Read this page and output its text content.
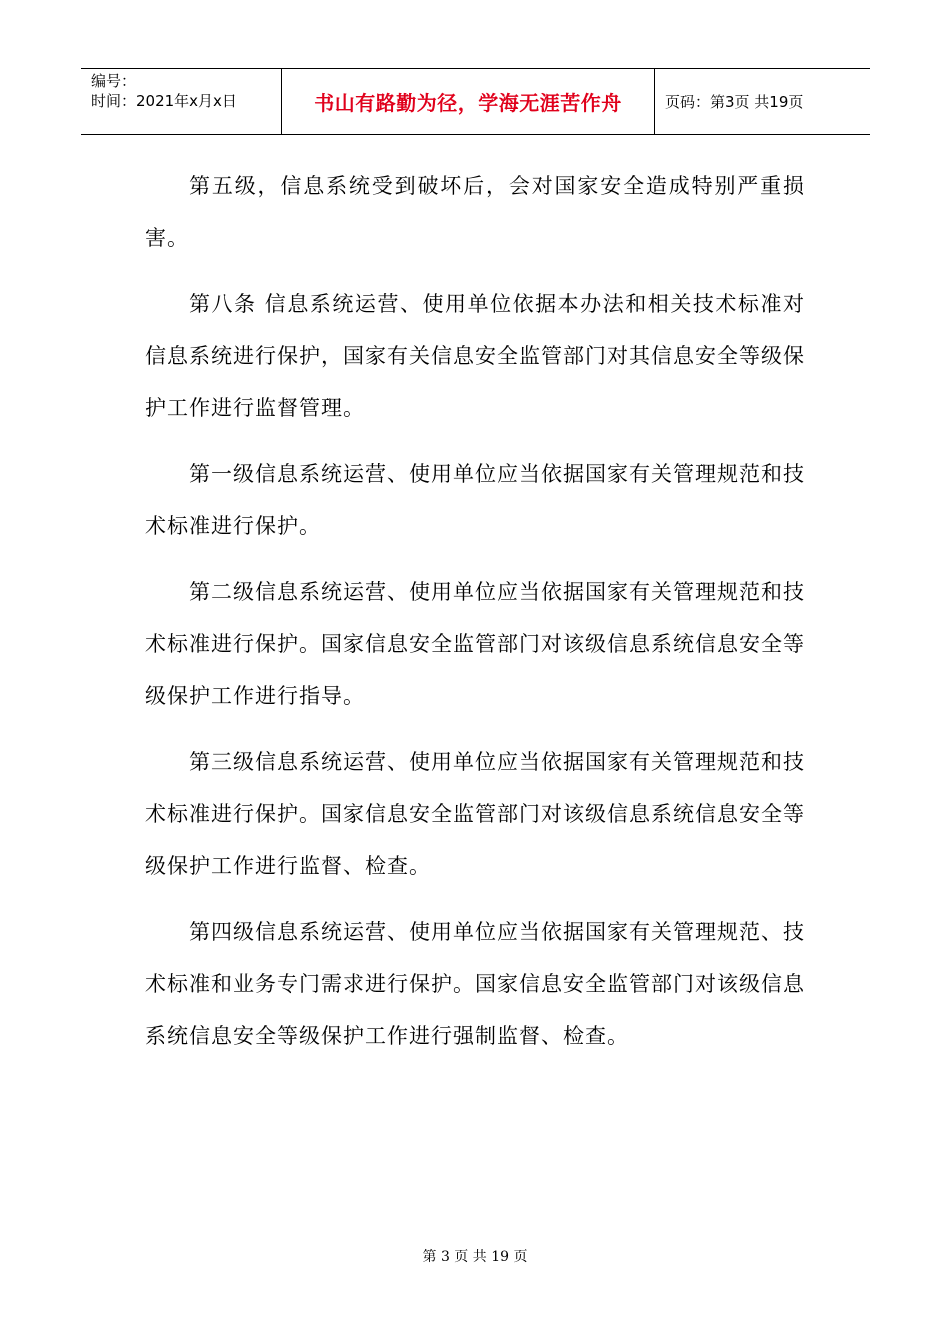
编号：
时间：2021年x月x日	书山有路勤为径，学海无涯苦作舟	页码：第3页 共19页

第五级，信息系统受到破坏后，会对国家安全造成特别严重损害。

第八条 信息系统运营、使用单位依据本办法和相关技术标准对信息系统进行保护，国家有关信息安全监管部门对其信息安全等级保护工作进行监督管理。

第一级信息系统运营、使用单位应当依据国家有关管理规范和技术标准进行保护。

第二级信息系统运营、使用单位应当依据国家有关管理规范和技术标准进行保护。国家信息安全监管部门对该级信息系统信息安全等级保护工作进行指导。

第三级信息系统运营、使用单位应当依据国家有关管理规范和技术标准进行保护。国家信息安全监管部门对该级信息系统信息安全等级保护工作进行监督、检查。

第四级信息系统运营、使用单位应当依据国家有关管理规范、技术标准和业务专门需求进行保护。国家信息安全监管部门对该级信息系统信息安全等级保护工作进行强制监督、检查。

第 3 页 共 19 页
